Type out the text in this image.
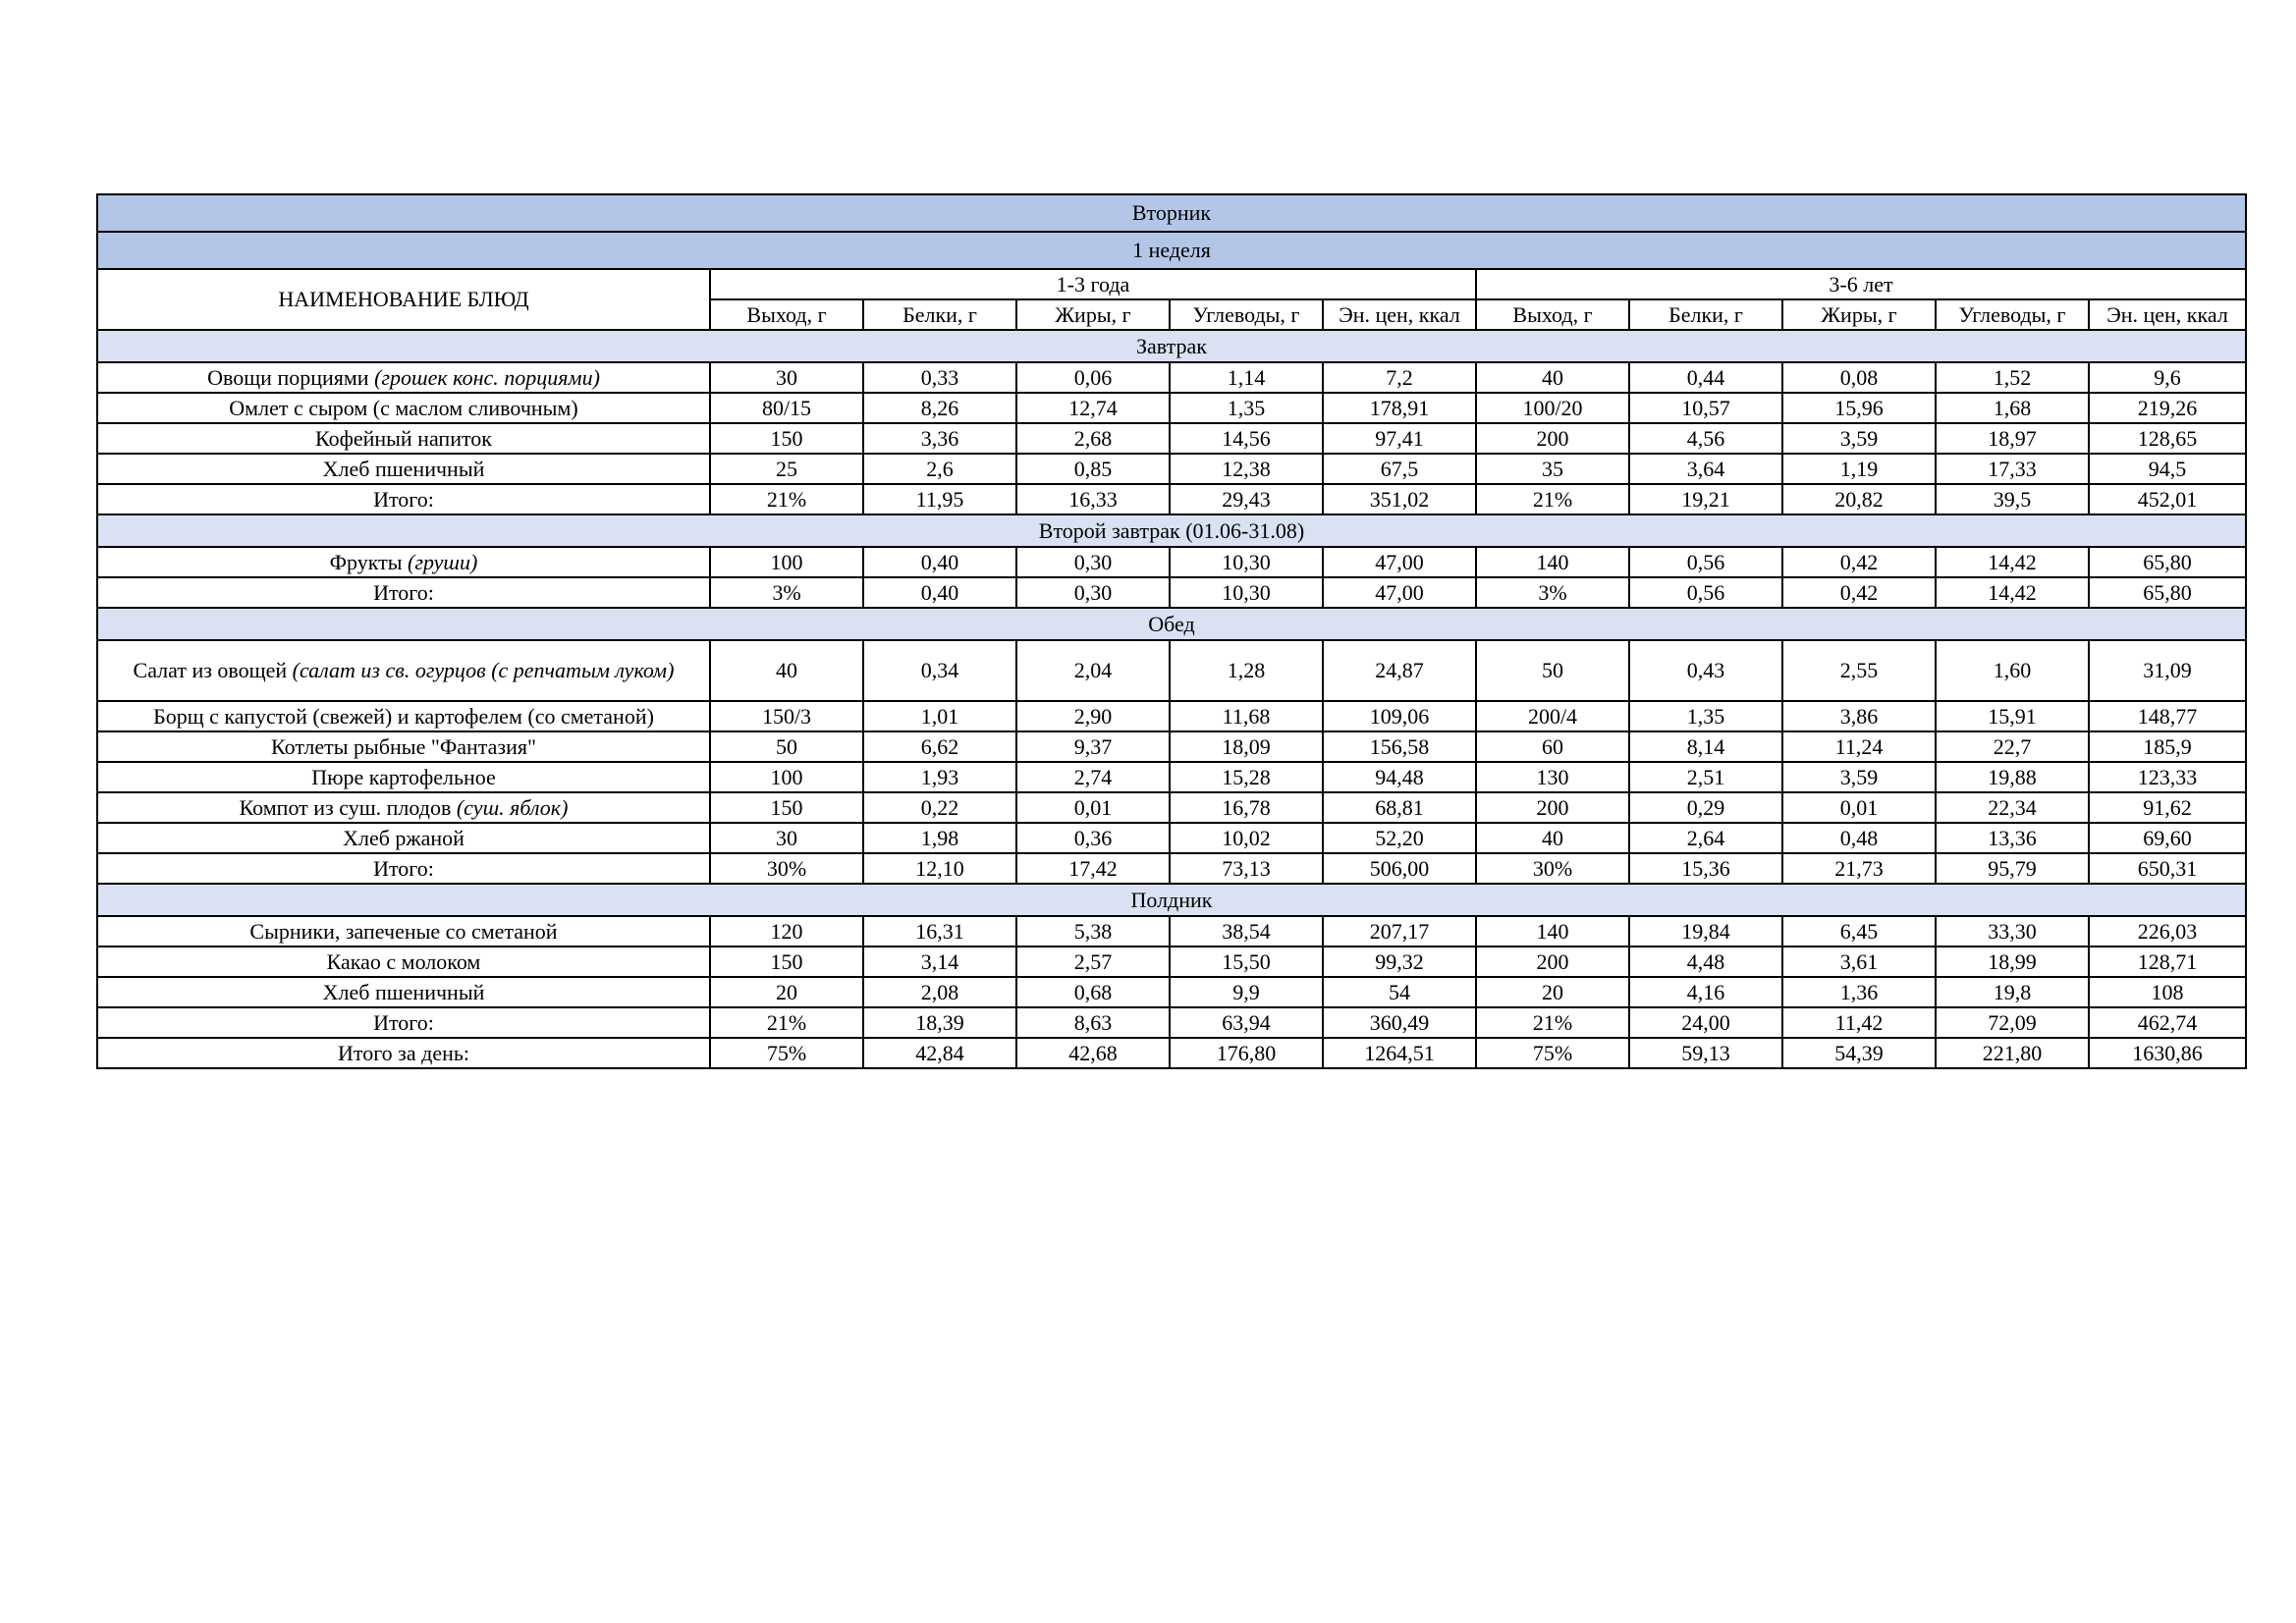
Вторник										
1 неделя										
НАИМЕНОВАНИЕ БЛЮД	1-3 года					3-6 лет				
	Выход, г	Белки, г	Жиры, г	Углеводы, г	Эн. цен, ккал	Выход, г	Белки, г	Жиры, г	Углеводы, г	Эн. цен, ккал
Завтрак										
Овощи порциями (грошек конс. порциями)	30	0,33	0,06	1,14	7,2	40	0,44	0,08	1,52	9,6
Омлет с сыром (с маслом сливочным)	80/15	8,26	12,74	1,35	178,91	100/20	10,57	15,96	1,68	219,26
Кофейный напиток	150	3,36	2,68	14,56	97,41	200	4,56	3,59	18,97	128,65
Хлеб пшеничный	25	2,6	0,85	12,38	67,5	35	3,64	1,19	17,33	94,5
Итого:	21%	11,95	16,33	29,43	351,02	21%	19,21	20,82	39,5	452,01
Второй завтрак (01.06-31.08)										
Фрукты (груши)	100	0,40	0,30	10,30	47,00	140	0,56	0,42	14,42	65,80
Итого:	3%	0,40	0,30	10,30	47,00	3%	0,56	0,42	14,42	65,80
Обед										
Салат из овощей (салат из св. огурцов (с репчатым луком)	40	0,34	2,04	1,28	24,87	50	0,43	2,55	1,60	31,09
Борщ с капустой (свежей) и картофелем (со сметаной)	150/3	1,01	2,90	11,68	109,06	200/4	1,35	3,86	15,91	148,77
Котлеты рыбные "Фантазия"	50	6,62	9,37	18,09	156,58	60	8,14	11,24	22,7	185,9
Пюре картофельное	100	1,93	2,74	15,28	94,48	130	2,51	3,59	19,88	123,33
Компот из суш. плодов (суш. яблок)	150	0,22	0,01	16,78	68,81	200	0,29	0,01	22,34	91,62
Хлеб ржаной	30	1,98	0,36	10,02	52,20	40	2,64	0,48	13,36	69,60
Итого:	30%	12,10	17,42	73,13	506,00	30%	15,36	21,73	95,79	650,31
Полдник										
Сырники, запеченые со сметаной	120	16,31	5,38	38,54	207,17	140	19,84	6,45	33,30	226,03
Какао с молоком	150	3,14	2,57	15,50	99,32	200	4,48	3,61	18,99	128,71
Хлеб пшеничный	20	2,08	0,68	9,9	54	20	4,16	1,36	19,8	108
Итого:	21%	18,39	8,63	63,94	360,49	21%	24,00	11,42	72,09	462,74
Итого за день:	75%	42,84	42,68	176,80	1264,51	75%	59,13	54,39	221,80	1630,86
